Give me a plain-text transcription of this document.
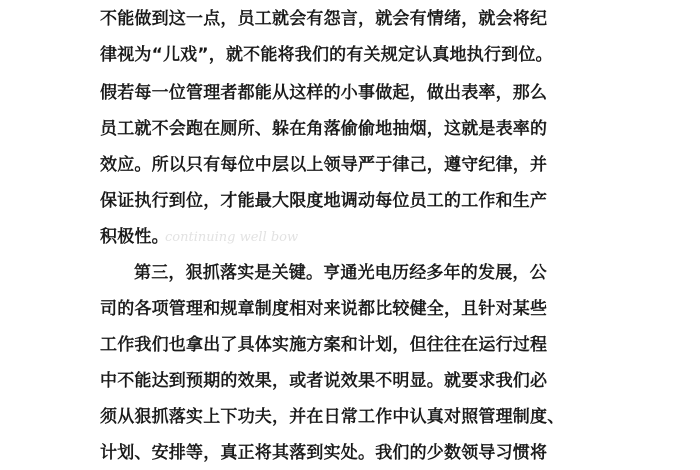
不能做到这一点，员工就会有怨言，就会有情绪，就会将纪
律视为“儿戏”，就不能将我们的有关规定认真地执行到位。
假若每一位管理者都能从这样的小事做起，做出表率，那么
员工就不会跑在厕所、躲在角落偷偷地抽烟，这就是表率的
效应。所以只有每位中层以上领导严于律己，遵守纪律，并
保证执行到位，才能最大限度地调动每位员工的工作和生产
积极性。
continuing well bow
第三，狠抓落实是关键。亨通光电历经多年的发展，公
司的各项管理和规章制度相对来说都比较健全，且针对某些
工作我们也拿出了具体实施方案和计划，但往往在运行过程
中不能达到预期的效果，或者说效果不明显。就要求我们必
须从狠抓落实上下功夫，并在日常工作中认真对照管理制度、
计划、安排等，真正将其落到实处。我们的少数领导习惯将
